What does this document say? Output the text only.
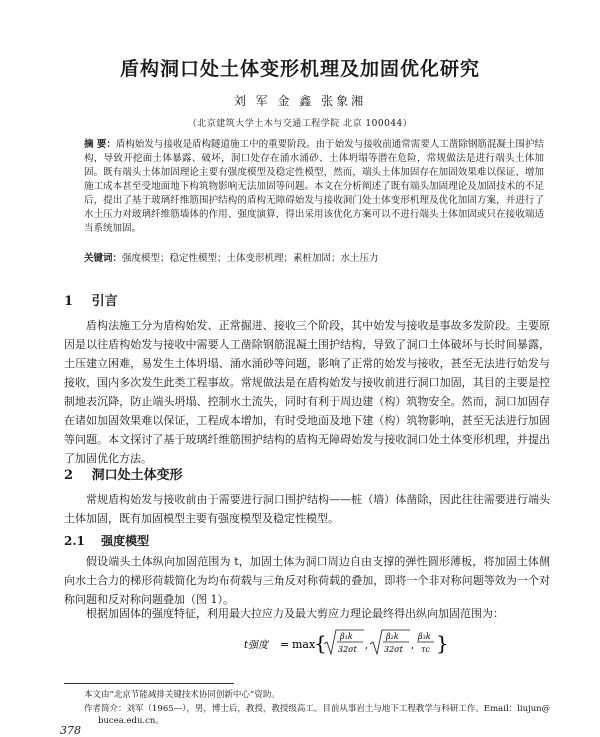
盾构洞口处土体变形机理及加固优化研究
刘 军 金 鑫 张象湘
（北京建筑大学土木与交通工程学院 北京 100044）
摘 要：盾构始发与接收是盾构隧道施工中的重要阶段。由于始发与接收前通常需要人工凿除钢筋混凝土围护结构，导致开挖面土体暴露、破坏，洞口处存在涌水涌砂、土体坍塌等潜在危险，常规做法是进行端头土体加固。既有端头土体加固理论主要有强度模型及稳定性模型，然而，端头土体加固存在加固效果难以保证、增加施工成本甚至受地面地下构筑物影响无法加固等问题。本文在分析阐述了既有端头加固理论及加固技术的不足后，提出了基于玻璃纤维筋围护结构的盾构无障碍始发与接收洞门处土体变形机理及优化加固方案，并进行了水土压力对玻璃纤维筋墙体的作用、强度演算，得出采用该优化方案可以不进行端头土体加固或只在接收端适当系统加固。
关键词：强度模型；稳定性模型；土体变形机理；素桩加固；水土压力
1 引言
盾构法施工分为盾构始发、正常掘进、接收三个阶段，其中始发与接收是事故多发阶段。主要原因是以往盾构始发与接收中需要人工凿除钢筋混凝土围护结构，导致了洞口土体破坏与长时间暴露，土压建立困难，易发生土体坍塌、涌水涌砂等问题，影响了正常的始发与接收，甚至无法进行始发与接收，国内多次发生此类工程事故。常规做法是在盾构始发与接收前进行洞口加固，其目的主要是控制地表沉降，防止端头坍塌、控制水土流失，同时有利于周边建（构）筑物安全。然而，洞口加固存在诸如加固效果难以保证，工程成本增加，有时受地面及地下建（构）筑物影响，甚至无法进行加固等问题。本文探讨了基于玻璃纤维筋围护结构的盾构无障碍始发与接收洞口处土体变形机理，并提出了加固优化方法。
2 洞口处土体变形
常规盾构始发与接收前由于需要进行洞口围护结构——桩（墙）体凿除，因此往往需要进行端头土体加固，既有加固模型主要有强度模型及稳定性模型。
2.1 强度模型
假设端头土体纵向加固范围为 t，加固土体为洞口周边自由支撑的弹性圆形薄板，将加固土体侧向水土合力的梯形荷载简化为均布荷载与三角反对称荷载的叠加，即将一个非对称问题等效为一个对称问题和反对称问题叠加（图 1）。
根据加固体的强度特征，利用最大拉应力及最大剪应力理论最终得出纵向加固范围为：
t强度 = max
{ β₁k
32σt ,
β₂k
32σt ,
β₃k
τc }
本文由“北京节能减排关键技术协同创新中心”资助。
作者简介：刘军（1965—），男，博士后，教授，教授级高工。目前从事岩土与地下工程教学与科研工作。Email：liujun@
bucea.edu.cn。
378
